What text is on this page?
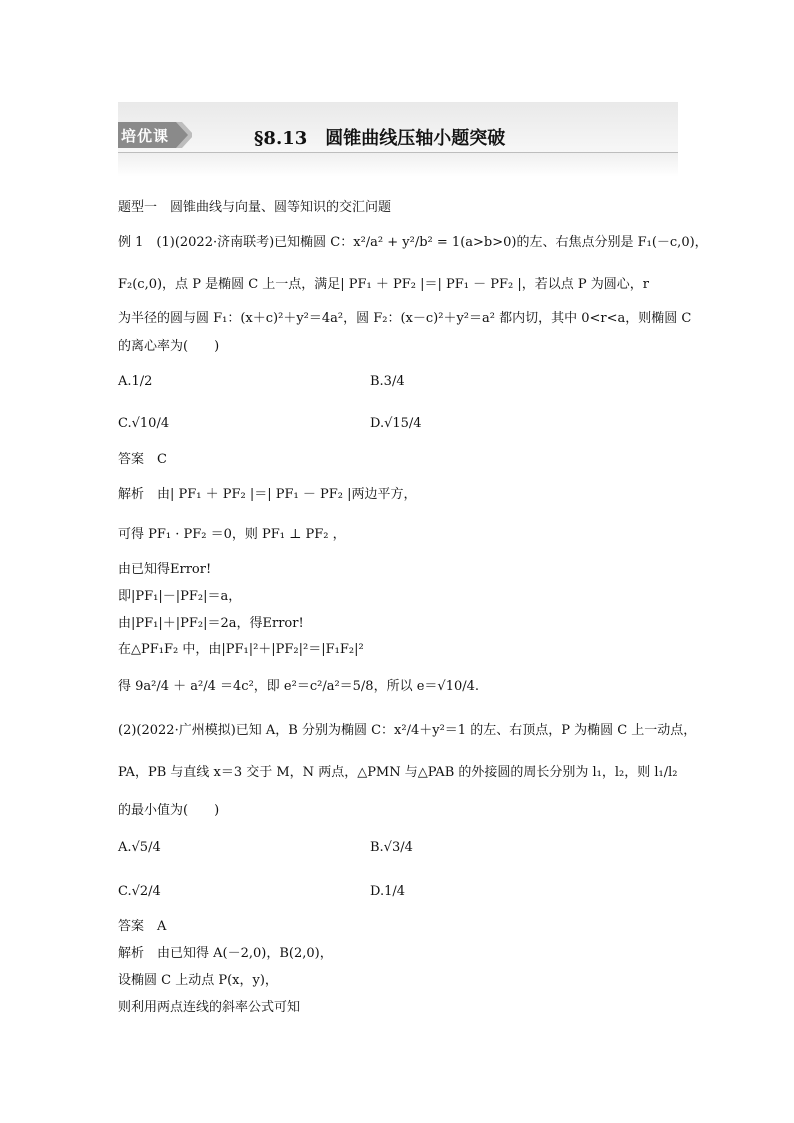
培优课	§8.13　圆锥曲线压轴小题突破
题型一　圆锥曲线与向量、圆等知识的交汇问题
例 1　(1)(2022·济南联考)已知椭圆 C：x²/a² + y²/b² = 1(a>b>0)的左、右焦点分别是 F₁(－c,0)，
F₂(c,0)，点 P 是椭圆 C 上一点，满足| PF₁ ＋ PF₂ |＝| PF₁ － PF₂ |，若以点 P 为圆心，r
为半径的圆与圆 F₁：(x＋c)²＋y²＝4a²，圆 F₂：(x－c)²＋y²＝a² 都内切，其中 0<r<a，则椭圆 C
的离心率为(　　)
A.1/2	B.3/4
C.√10/4	D.√15/4
答案　C
解析　由| PF₁ ＋ PF₂ |＝| PF₁ － PF₂ |两边平方，
可得 PF₁ · PF₂ ＝0，则 PF₁ ⊥ PF₂ ，
由已知得Error!
即|PF₁|－|PF₂|＝a，
由|PF₁|＋|PF₂|＝2a，得Error!
在△PF₁F₂ 中，由|PF₁|²＋|PF₂|²＝|F₁F₂|²
得 9a²/4 ＋ a²/4 ＝4c²，即 e²＝c²/a²＝5/8，所以 e＝√10/4.
(2)(2022·广州模拟)已知 A，B 分别为椭圆 C：x²/4＋y²＝1 的左、右顶点，P 为椭圆 C 上一动点，
PA，PB 与直线 x＝3 交于 M，N 两点，△PMN 与△PAB 的外接圆的周长分别为 l₁，l₂，则 l₁/l₂
的最小值为(　　)
A.√5/4	B.√3/4
C.√2/4	D.1/4
答案　A
解析　由已知得 A(－2,0)，B(2,0)，
设椭圆 C 上动点 P(x，y)，
则利用两点连线的斜率公式可知
